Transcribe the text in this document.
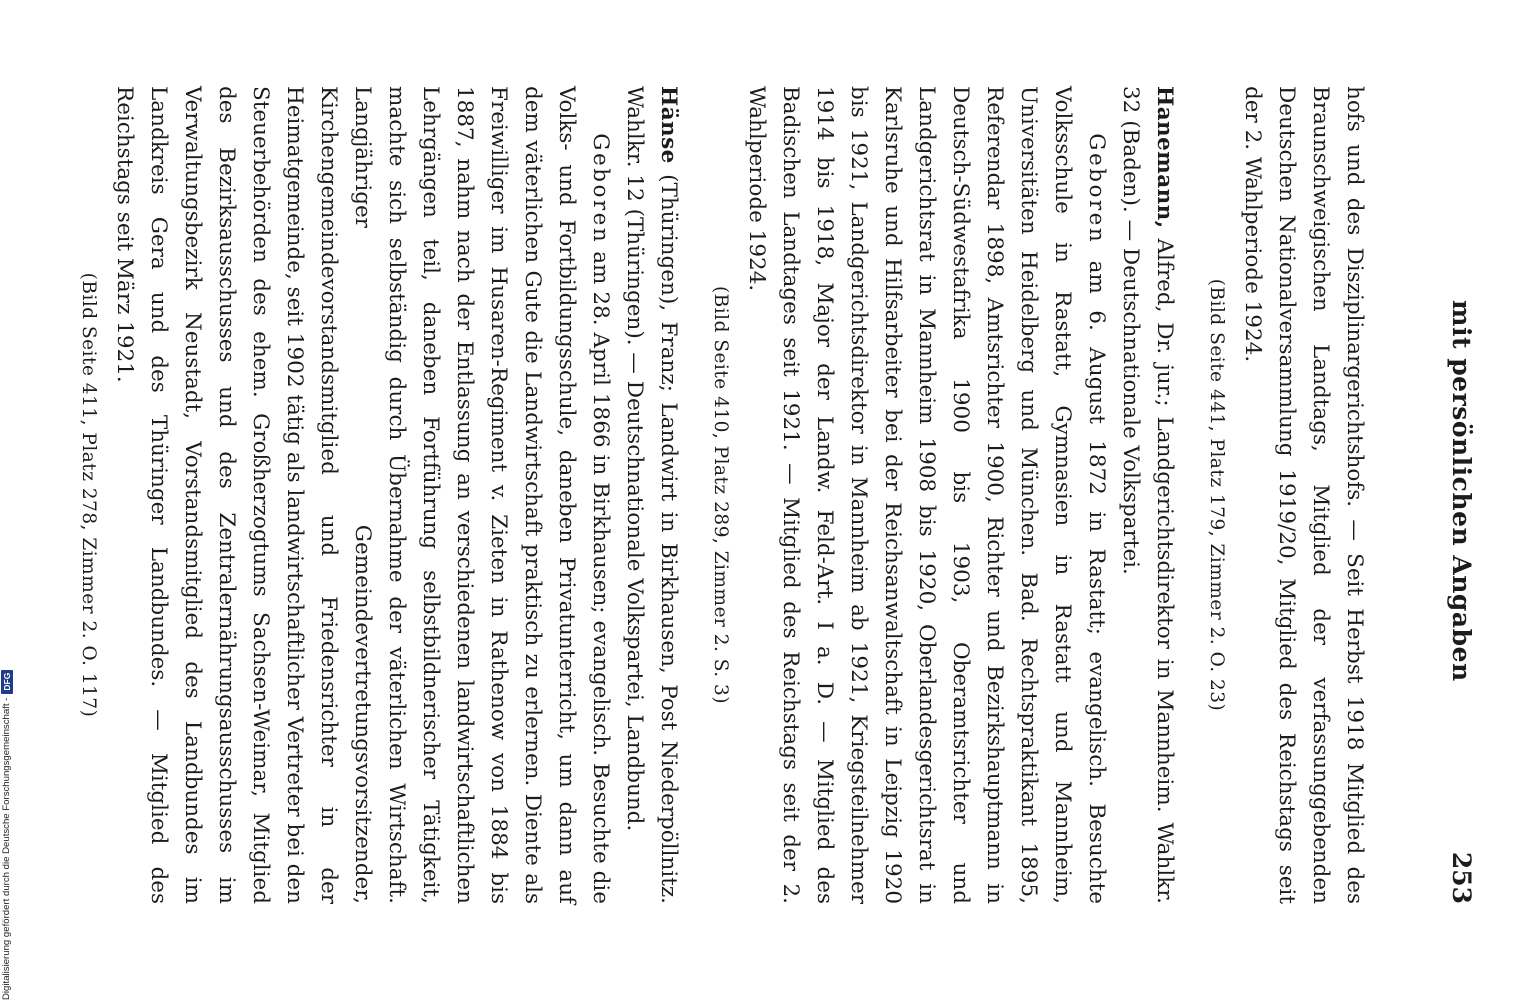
mit persönlichen Angaben
253

hofs und des Disziplinargerichtshofs. — Seit Herbst 1918 Mitglied des Braunschweigischen Landtags, Mitglied der verfassunggebenden Deutschen Nationalversammlung 1919/20, Mitglied des Reichstags seit der 2. Wahlperiode 1924.

(Bild Seite 441, Platz 179, Zimmer 2. O. 23)

Hanemann, Alfred, Dr. jur.; Landgerichtsdirektor in Mannheim. Wahlkr. 32 (Baden). — Deutschnationale Volkspartei.

Geboren am 6. August 1872 in Rastatt; evangelisch. Besuchte Volksschule in Rastatt, Gymnasien in Rastatt und Mannheim, Universitäten Heidelberg und München. Bad. Rechtspraktikant 1895, Referendar 1898, Amtsrichter 1900, Richter und Bezirkshauptmann in Deutsch-Südwestafrika 1900 bis 1903, Oberamtsrichter und Landgerichtsrat in Mannheim 1908 bis 1920, Oberlandesgerichtsrat in Karlsruhe und Hilfsarbeiter bei der Reichsanwaltschaft in Leipzig 1920 bis 1921, Landgerichtsdirektor in Mannheim ab 1921, Kriegsteilnehmer 1914 bis 1918, Major der Landw. Feld-Art. I a. D. — Mitglied des Badischen Landtages seit 1921. — Mitglied des Reichstags seit der 2. Wahlperiode 1924.

(Bild Seite 410, Platz 289, Zimmer 2. S. 3)

Hänse (Thüringen), Franz; Landwirt in Birkhausen, Post Niederpöllnitz. Wahlkr. 12 (Thüringen). — Deutschnationale Volkspartei, Landbund.

Geboren am 28. April 1866 in Birkhausen; evangelisch. Besuchte die Volks- und Fortbildungsschule, daneben Privatunterricht, um dann auf dem väterlichen Gute die Landwirtschaft praktisch zu erlernen. Diente als Freiwilliger im Husaren-Regiment v. Zieten in Rathenow von 1884 bis 1887, nahm nach der Entlassung an verschiedenen landwirtschaftlichen Lehrgängen teil, daneben Fortführung selbstbildnerischer Tätigkeit, machte sich selbständig durch Übernahme der väterlichen Wirtschaft. Langjähriger Gemeindevertretungsvorsitzender, Kirchengemeindevorstandsmitglied und Friedensrichter in der Heimatgemeinde, seit 1902 tätig als landwirtschaftlicher Vertreter bei den Steuerbehörden des ehem. Großherzogtums Sachsen-Weimar, Mitglied des Bezirksausschusses und des Zentralernährungsausschusses im Verwaltungsbezirk Neustadt, Vorstandsmitglied des Landbundes im Landkreis Gera und des Thüringer Landbundes. — Mitglied des Reichstags seit März 1921.

(Bild Seite 411, Platz 278, Zimmer 2. O. 117)

Digitalisierung gefördert durch die Deutsche Forschungsgemeinschaft -
DFG
